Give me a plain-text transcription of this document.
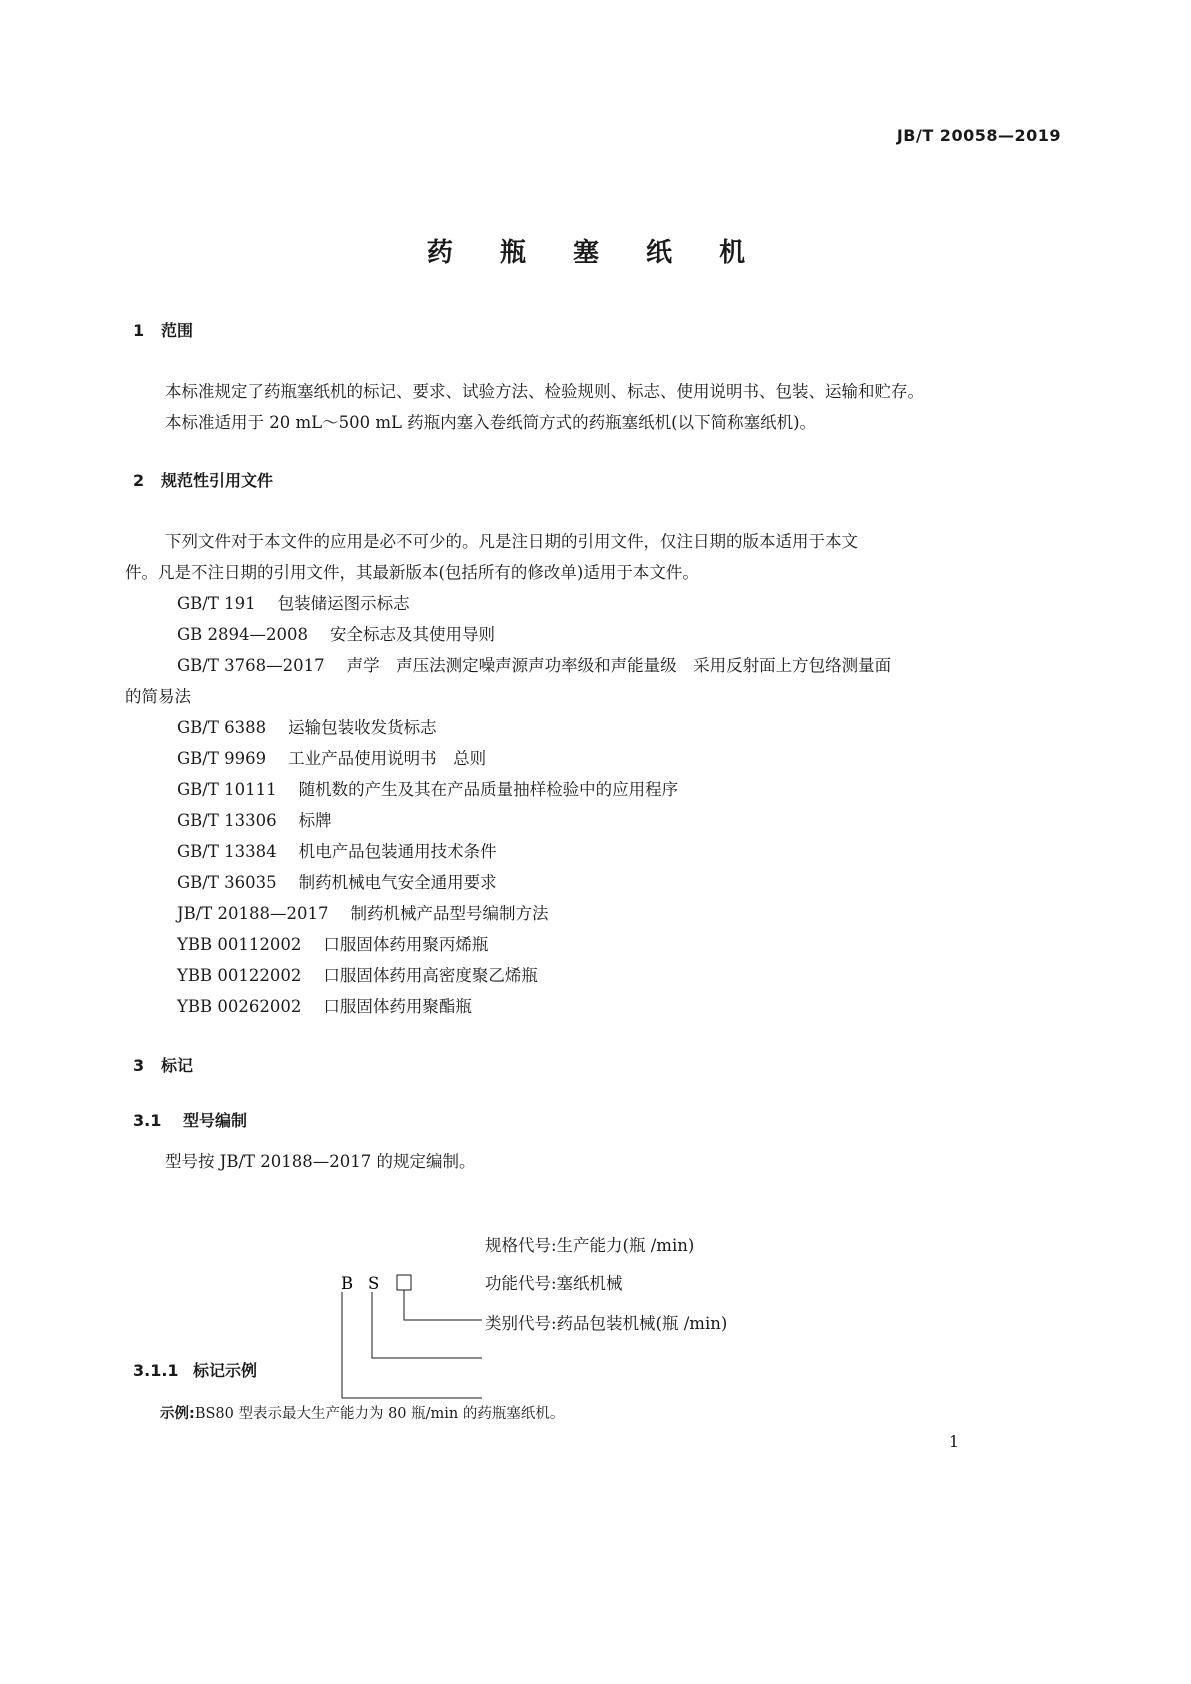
JB/T 20058—2019
药 瓶 塞 纸 机
1 范围
本标准规定了药瓶塞纸机的标记、要求、试验方法、检验规则、标志、使用说明书、包装、运输和贮存。
本标准适用于 20 mL～500 mL 药瓶内塞入卷纸筒方式的药瓶塞纸机(以下简称塞纸机)。
2 规范性引用文件
下列文件对于本文件的应用是必不可少的。凡是注日期的引用文件，仅注日期的版本适用于本文
件。凡是不注日期的引用文件，其最新版本(包括所有的修改单)适用于本文件。
GB/T 191 包装储运图示标志
GB 2894—2008 安全标志及其使用导则
GB/T 3768—2017 声学　声压法测定噪声源声功率级和声能量级　采用反射面上方包络测量面
的简易法
GB/T 6388 运输包装收发货标志
GB/T 9969 工业产品使用说明书　总则
GB/T 10111 随机数的产生及其在产品质量抽样检验中的应用程序
GB/T 13306 标牌
GB/T 13384 机电产品包装通用技术条件
GB/T 36035 制药机械电气安全通用要求
JB/T 20188—2017 制药机械产品型号编制方法
YBB 00112002 口服固体药用聚丙烯瓶
YBB 00122002 口服固体药用高密度聚乙烯瓶
YBB 00262002 口服固体药用聚酯瓶
3 标记
3.1 型号编制
型号按 JB/T 20188—2017 的规定编制。
B S
规格代号:生产能力(瓶 /min)
功能代号:塞纸机械
类别代号:药品包装机械(瓶 /min)
3.1.1 标记示例
示例:BS80 型表示最大生产能力为 80 瓶/min 的药瓶塞纸机。
1
